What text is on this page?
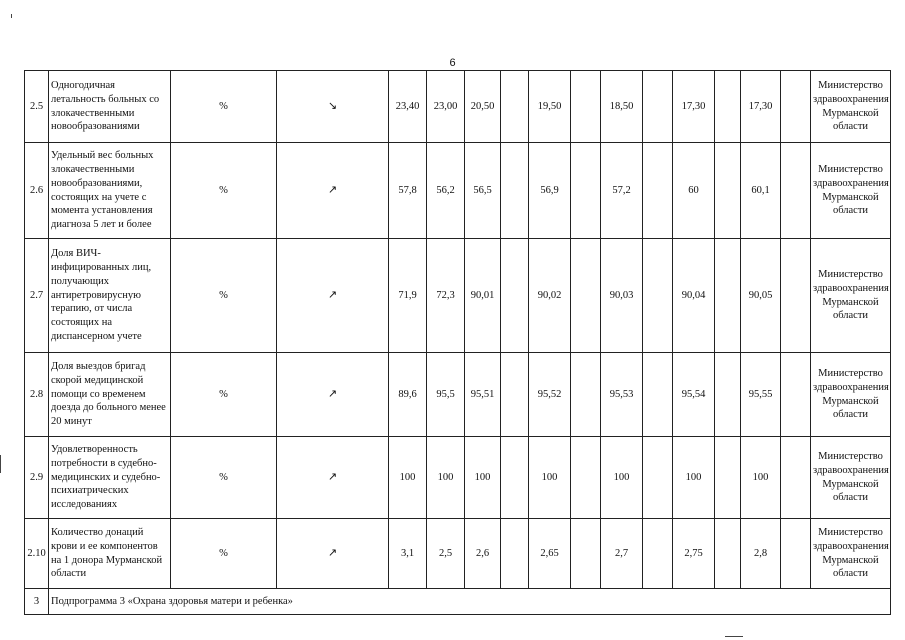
6
2.5	Одногодичная летальность больных со злокачественными новообразованиями	%	↘	23,40	23,00	20,50		19,50		18,50		17,30		17,30		Министерство здравоохранения Мурманской области
2.6	Удельный вес больных злокачественными новообразованиями, состоящих на учете с момента установления диагноза 5 лет и более	%	↗	57,8	56,2	56,5		56,9		57,2		60		60,1		Министерство здравоохранения Мурманской области
2.7	Доля ВИЧ-инфицированных лиц, получающих антиретровирусную терапию, от числа состоящих на диспансерном учете	%	↗	71,9	72,3	90,01		90,02		90,03		90,04		90,05		Министерство здравоохранения Мурманской области
2.8	Доля выездов бригад скорой медицинской помощи со временем доезда до больного менее 20 минут	%	↗	89,6	95,5	95,51		95,52		95,53		95,54		95,55		Министерство здравоохранения Мурманской области
2.9	Удовлетворенность потребности в судебно-медицинских и судебно-психиатрических исследованиях	%	↗	100	100	100		100		100		100		100		Министерство здравоохранения Мурманской области
2.10	Количество донаций крови и ее компонентов на 1 донора Мурманской области	%	↗	3,1	2,5	2,6		2,65		2,7		2,75		2,8		Министерство здравоохранения Мурманской области
3	Подпрограмма 3 «Охрана здоровья матери и ребенка»															
